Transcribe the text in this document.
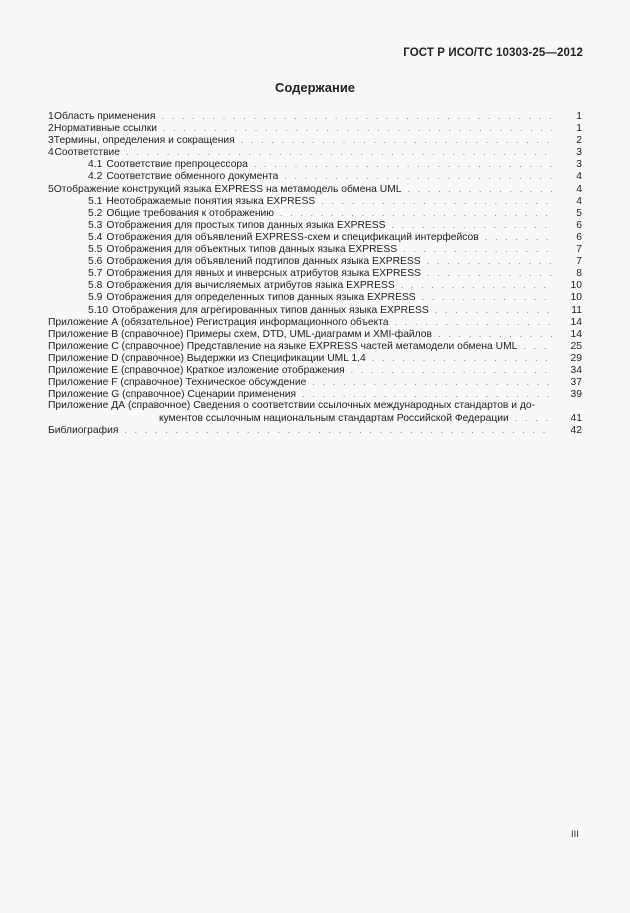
ГОСТ Р ИСО/ТС 10303-25—2012
Содержание
1 Область применения . . .	1
2 Нормативные ссылки . . .	1
3 Термины, определения и сокращения . . .	2
4 Соответствие . . .	3
4.1 Соответствие препроцессора . . .	3
4.2 Соответствие обменного документа . . .	4
5 Отображение конструкций языка EXPRESS на метамодель обмена UML . . .	4
5.1 Неотображаемые понятия языка EXPRESS . . .	4
5.2 Общие требования к отображению . . .	5
5.3 Отображения для простых типов данных языка EXPRESS . . .	6
5.4 Отображения для объявлений EXPRESS-схем и спецификаций интерфейсов . . .	6
5.5 Отображения для объектных типов данных языка EXPRESS . . .	7
5.6 Отображения для объявлений подтипов данных языка EXPRESS . . .	7
5.7 Отображения для явных и инверсных атрибутов языка EXPRESS . . .	8
5.8 Отображения для вычисляемых атрибутов языка EXPRESS . . .	10
5.9 Отображения для определенных типов данных языка EXPRESS . . .	10
5.10 Отображения для агрегированных типов данных языка EXPRESS . . .	11
Приложение А (обязательное) Регистрация информационного объекта . . .	14
Приложение В (справочное) Примеры схем, DTD, UML-диаграмм и XMI-файлов . . .	14
Приложение С (справочное) Представление на языке EXPRESS частей метамодели обмена UML . . .	25
Приложение D (справочное) Выдержки из Спецификации UML 1.4 . . .	29
Приложение Е (справочное) Краткое изложение отображения . . .	34
Приложение F (справочное) Техническое обсуждение . . .	37
Приложение G (справочное) Сценарии применения . . .	39
Приложение ДА (справочное) Сведения о соответствии ссылочных международных стандартов и до-
кументов ссылочным национальным стандартам Российской Федерации . . .	41
Библиография . . .	42
III
